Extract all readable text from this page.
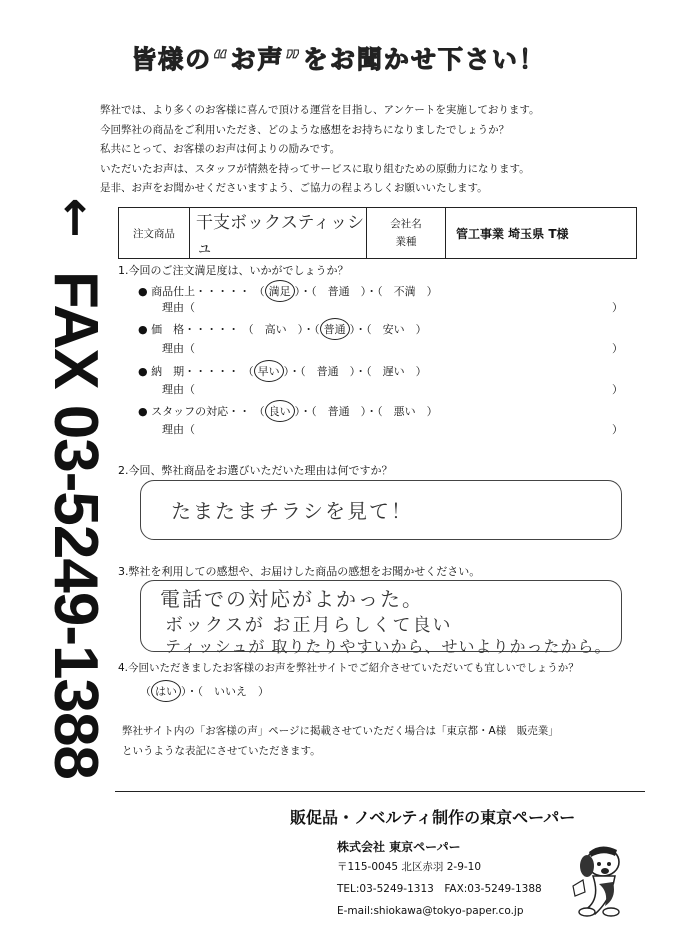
皆様の“お声”をお聞かせ下さい！

弊社では、より多くのお客様に喜んで頂ける運営を目指し、アンケートを実施しております。

今回弊社の商品をご利用いただき、どのような感想をお持ちになりましたでしょうか？

私共にとって、お客様のお声は何よりの励みです。

いただいたお声は、スタッフが情熱を持ってサービスに取り組むための原動力になります。

是非、お声をお聞かせくださいますよう、ご協力の程よろしくお願いいたします。

↑
FAX 03-5249-1388
注文商品	干支ボックスティッシュ	
会社名
業種
	管工事業 埼玉県 T様
1.今回のご注文満足度は、いかがでしょうか？
● 商品仕上・・・・・ （ 満足 ）・（　普通　）・（　不満　）
理由（	）
● 価　格・・・・・ （　高い　）・（ 普通 ）・（　安い　）
理由（	）
● 納　期・・・・・ （ 早い ）・（　普通　）・（　遅い　）
理由（	）
● スタッフの対応・・ （ 良い ）・（　普通　）・（　悪い　）
理由（	）
2.今回、弊社商品をお選びいただいた理由は何ですか？
たまたまチラシを見て！
3.弊社を利用しての感想や、お届けした商品の感想をお聞かせください。
電話での対応がよかった。
ボックスが お正月らしくて良い
ティッシュが 取りたりやすいから、せいよりかったから。
4.今回いただきましたお客様のお声を弊社サイトでご紹介させていただいても宜しいでしょうか？
（ はい ）・（　いいえ　）
弊社サイト内の「お客様の声」ページに掲載させていただく場合は「東京都・A様　販売業」
というような表記にさせていただきます。
販促品・ノベルティ制作の東京ペーパー
株式会社 東京ペーパー
〒115-0045 北区赤羽 2-9-10
TEL:03-5249-1313　FAX:03-5249-1388
E-mail:shiokawa@tokyo-paper.co.jp
